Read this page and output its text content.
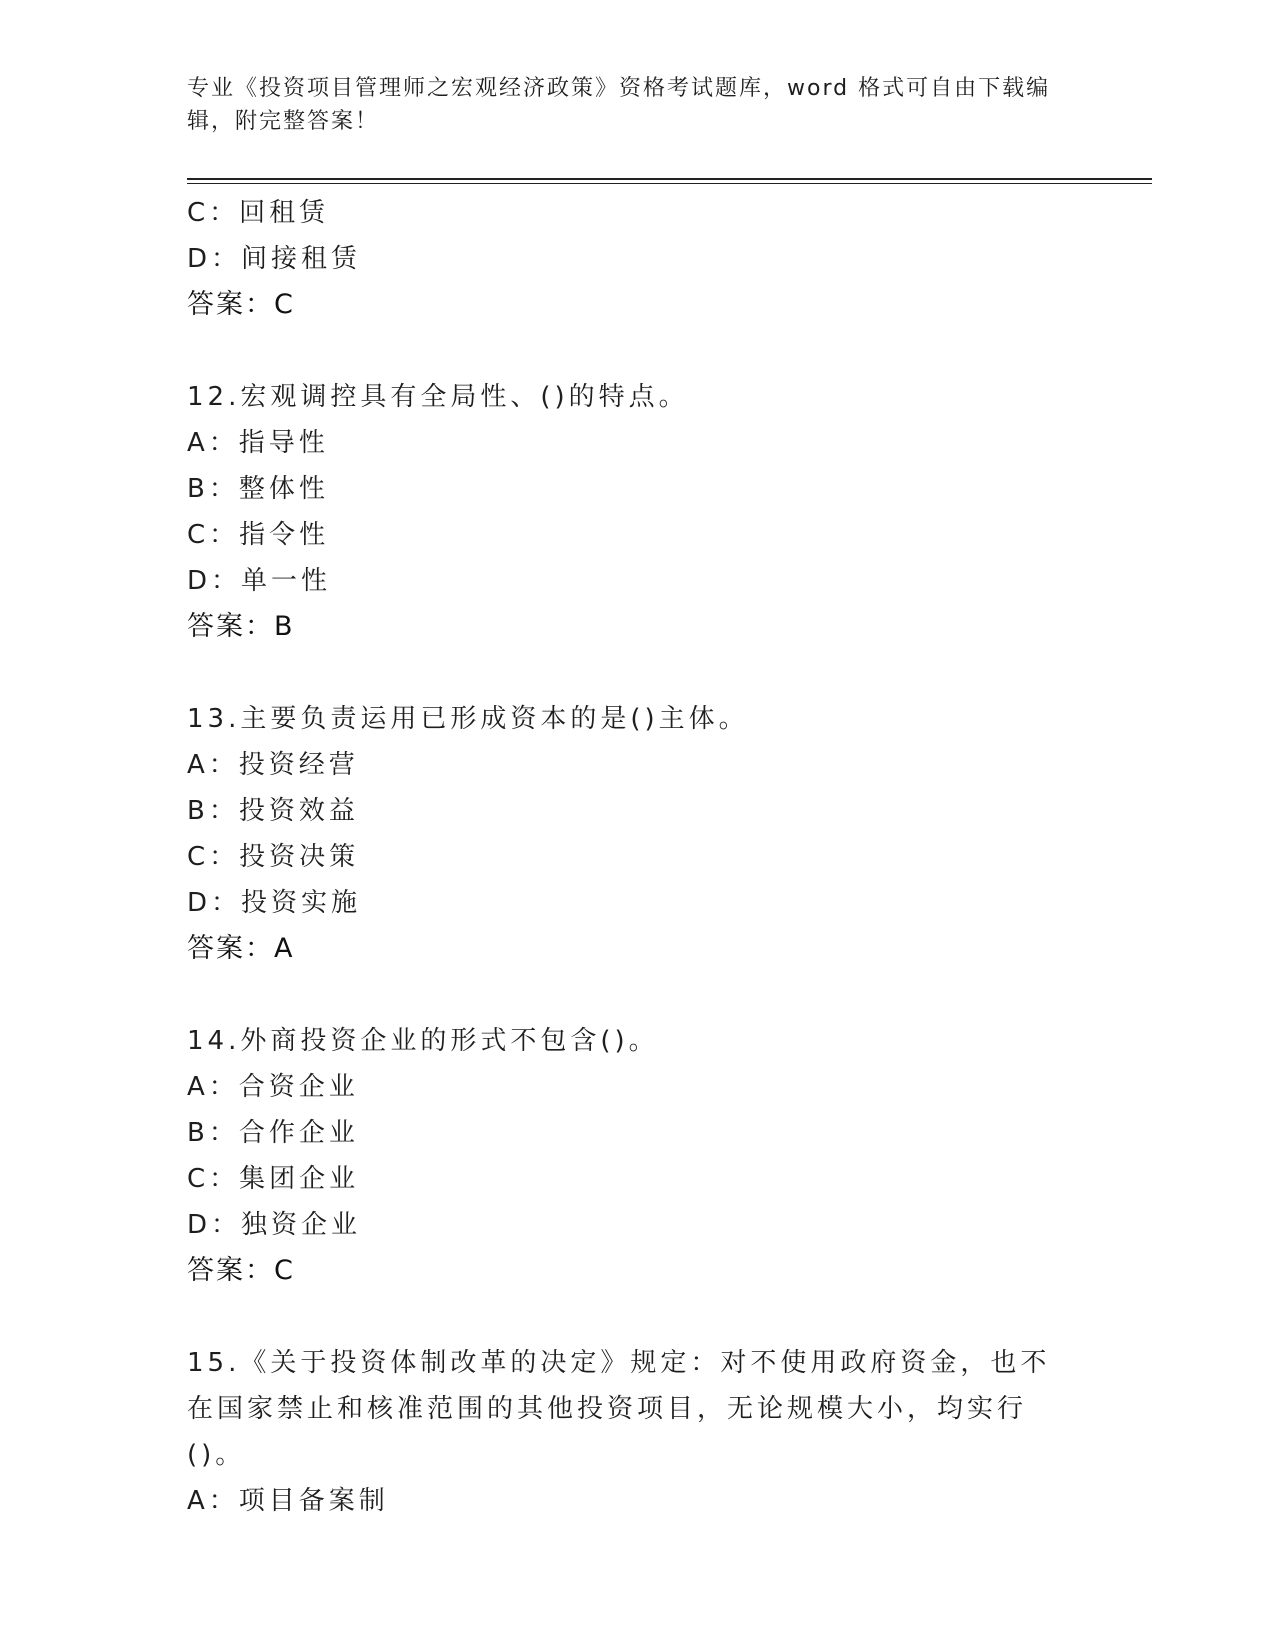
专业《投资项目管理师之宏观经济政策》资格考试题库，word 格式可自由下载编辑，附完整答案！
C：回租赁
D：间接租赁
答案：C
12.宏观调控具有全局性、()的特点。
A：指导性
B：整体性
C：指令性
D：单一性
答案：B
13.主要负责运用已形成资本的是()主体。
A：投资经营
B：投资效益
C：投资决策
D：投资实施
答案：A
14.外商投资企业的形式不包含()。
A：合资企业
B：合作企业
C：集团企业
D：独资企业
答案：C
15.《关于投资体制改革的决定》规定：对不使用政府资金，也不在国家禁止和核准范围的其他投资项目，无论规模大小，均实行()。
A：项目备案制
